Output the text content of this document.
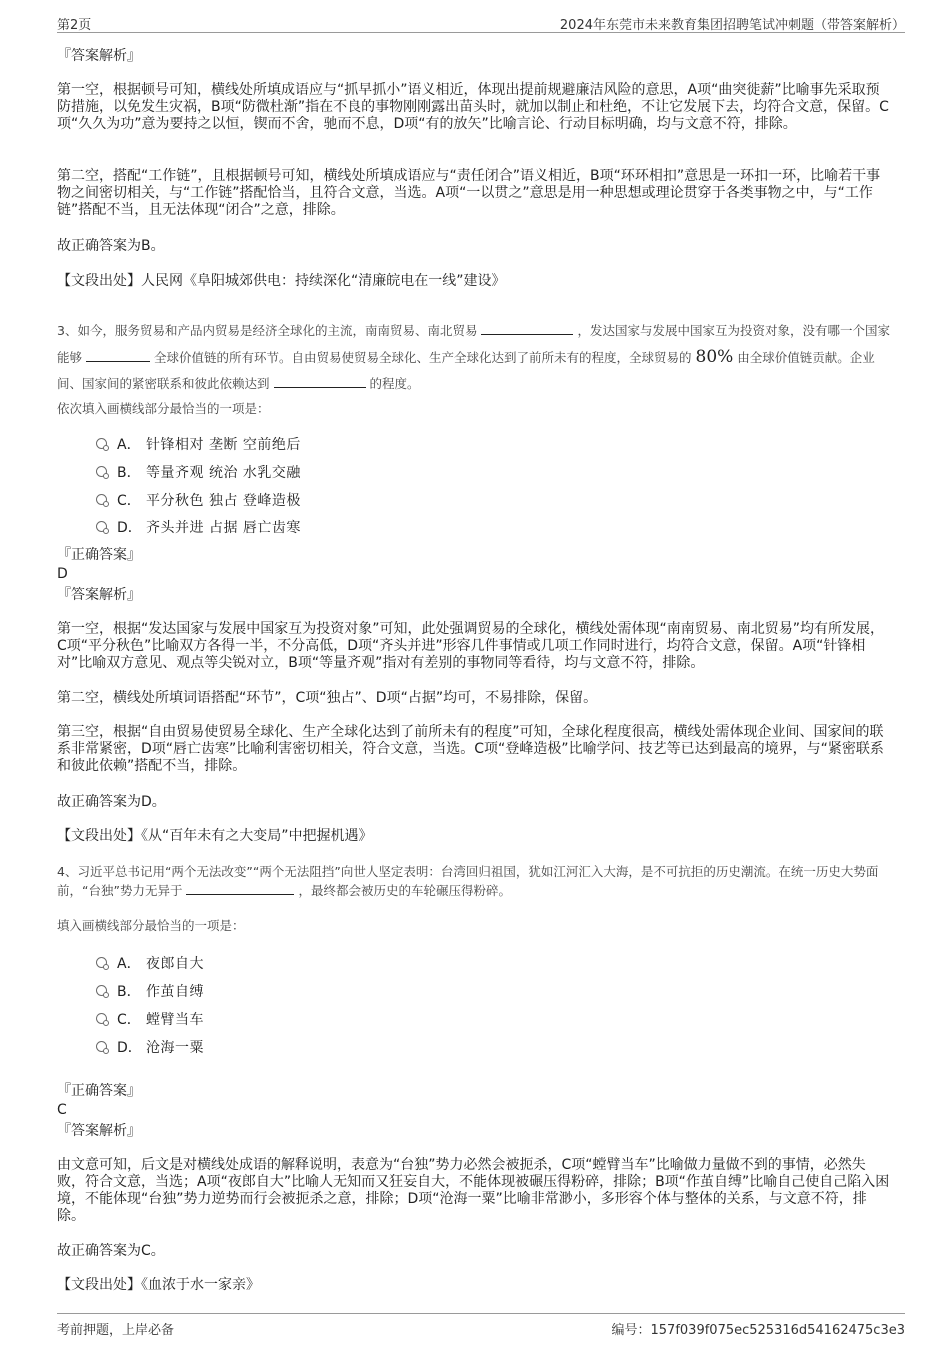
第2页	2024年东莞市未来教育集团招聘笔试冲刺题（带答案解析）

『答案解析』

第一空，根据顿号可知，横线处所填成语应与“抓早抓小”语义相近，体现出提前规避廉洁风险的意思，A项“曲突徙薪”比喻事先采取预防措施，以免发生灾祸，B项“防微杜渐”指在不良的事物刚刚露出苗头时，就加以制止和杜绝，不让它发展下去，均符合文意，保留。C项“久久为功”意为要持之以恒，锲而不舍，驰而不息，D项“有的放矢”比喻言论、行动目标明确，均与文意不符，排除。

第二空，搭配“工作链”，且根据顿号可知，横线处所填成语应与“责任闭合”语义相近，B项“环环相扣”意思是一环扣一环，比喻若干事物之间密切相关，与“工作链”搭配恰当，且符合文意，当选。A项“一以贯之”意思是用一种思想或理论贯穿于各类事物之中，与“工作链”搭配不当，且无法体现“闭合”之意，排除。

故正确答案为B。

【文段出处】人民网《阜阳城郊供电：持续深化“清廉皖电在一线”建设》

3、如今，服务贸易和产品内贸易是经济全球化的主流，南南贸易、南北贸易	，发达国家与发展中国家互为投资对象，没有哪一个国家能够	全球价值链的所有环节。自由贸易使贸易全球化、生产全球化达到了前所未有的程度，全球贸易的 80% 由全球价值链贡献。企业间、国家间的紧密联系和彼此依赖达到	的程度。

依次填入画横线部分最恰当的一项是：

A． 针锋相对 垄断 空前绝后
B． 等量齐观 统治 水乳交融
C． 平分秋色 独占 登峰造极
D． 齐头并进 占据 唇亡齿寒

『正确答案』

D

『答案解析』

第一空，根据“发达国家与发展中国家互为投资对象”可知，此处强调贸易的全球化，横线处需体现“南南贸易、南北贸易”均有所发展，C项“平分秋色”比喻双方各得一半，不分高低，D项“齐头并进”形容几件事情或几项工作同时进行，均符合文意，保留。A项“针锋相对”比喻双方意见、观点等尖锐对立，B项“等量齐观”指对有差别的事物同等看待，均与文意不符，排除。

第二空，横线处所填词语搭配“环节”，C项“独占”、D项“占据”均可，不易排除，保留。

第三空，根据“自由贸易使贸易全球化、生产全球化达到了前所未有的程度”可知，全球化程度很高，横线处需体现企业间、国家间的联系非常紧密，D项“唇亡齿寒”比喻利害密切相关，符合文意，当选。C项“登峰造极”比喻学问、技艺等已达到最高的境界，与“紧密联系和彼此依赖”搭配不当，排除。

故正确答案为D。

【文段出处】《从“百年未有之大变局”中把握机遇》

4、习近平总书记用“两个无法改变”“两个无法阻挡”向世人坚定表明：台湾回归祖国，犹如江河汇入大海，是不可抗拒的历史潮流。在统一历史大势面前，“台独”势力无异于	，最终都会被历史的车轮碾压得粉碎。

填入画横线部分最恰当的一项是：

A． 夜郎自大
B． 作茧自缚
C． 螳臂当车
D． 沧海一粟

『正确答案』

C

『答案解析』

由文意可知，后文是对横线处成语的解释说明，表意为“台独”势力必然会被扼杀，C项“螳臂当车”比喻做力量做不到的事情，必然失败，符合文意，当选；A项“夜郎自大”比喻人无知而又狂妄自大，不能体现被碾压得粉碎，排除；B项“作茧自缚”比喻自己使自己陷入困境，不能体现“台独”势力逆势而行会被扼杀之意，排除；D项“沧海一粟”比喻非常渺小，多形容个体与整体的关系，与文意不符，排除。

故正确答案为C。

【文段出处】《血浓于水一家亲》

考前押题，上岸必备	编号：157f039f075ec525316d54162475c3e3
